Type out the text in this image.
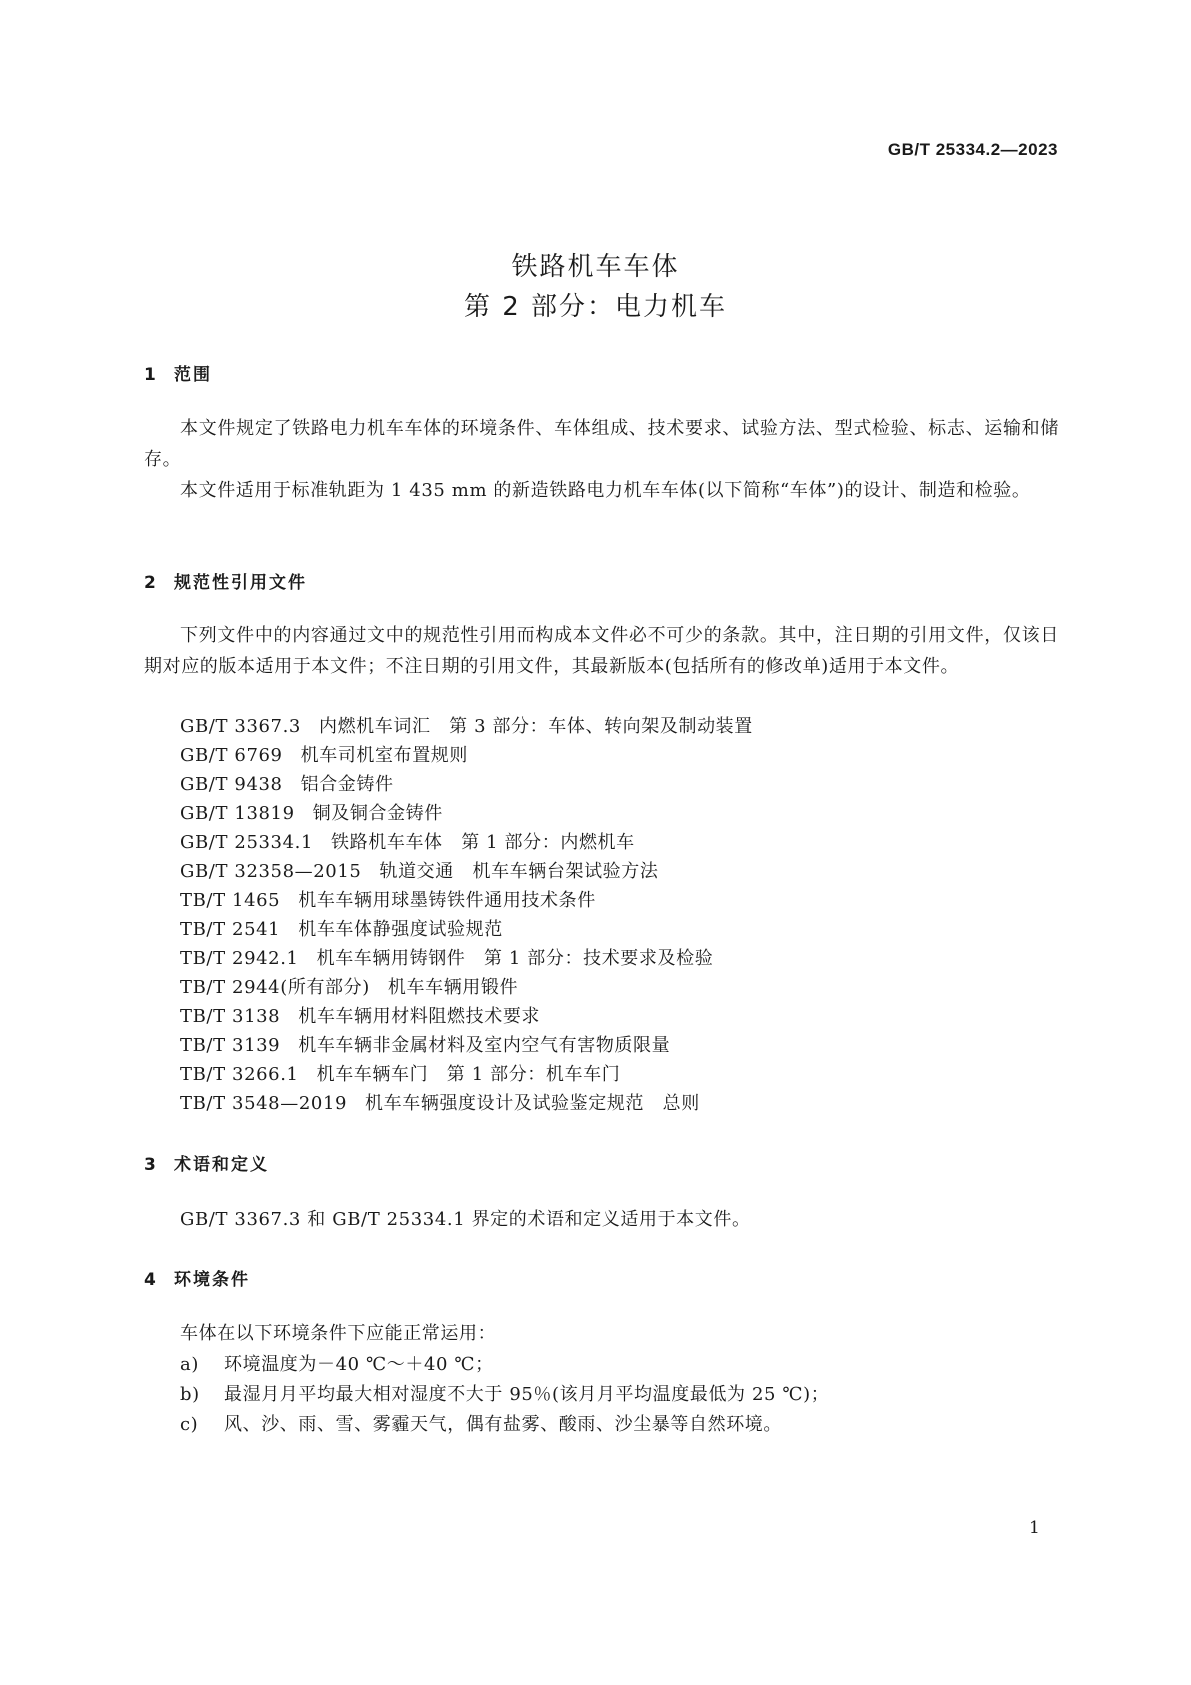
GB/T 25334.2—2023
铁路机车车体
第 2 部分：电力机车
1 范围
本文件规定了铁路电力机车车体的环境条件、车体组成、技术要求、试验方法、型式检验、标志、运输和储存。
本文件适用于标准轨距为 1 435 mm 的新造铁路电力机车车体(以下简称“车体”)的设计、制造和检验。
2 规范性引用文件
下列文件中的内容通过文中的规范性引用而构成本文件必不可少的条款。其中，注日期的引用文件，仅该日期对应的版本适用于本文件；不注日期的引用文件，其最新版本(包括所有的修改单)适用于本文件。
GB/T 3367.3 内燃机车词汇　第 3 部分：车体、转向架及制动装置
GB/T 6769 机车司机室布置规则
GB/T 9438 铝合金铸件
GB/T 13819 铜及铜合金铸件
GB/T 25334.1 铁路机车车体　第 1 部分：内燃机车
GB/T 32358—2015 轨道交通　机车车辆台架试验方法
TB/T 1465 机车车辆用球墨铸铁件通用技术条件
TB/T 2541 机车车体静强度试验规范
TB/T 2942.1 机车车辆用铸钢件　第 1 部分：技术要求及检验
TB/T 2944(所有部分) 机车车辆用锻件
TB/T 3138 机车车辆用材料阻燃技术要求
TB/T 3139 机车车辆非金属材料及室内空气有害物质限量
TB/T 3266.1 机车车辆车门　第 1 部分：机车车门
TB/T 3548—2019 机车车辆强度设计及试验鉴定规范　总则
3 术语和定义
GB/T 3367.3 和 GB/T 25334.1 界定的术语和定义适用于本文件。
4 环境条件
车体在以下环境条件下应能正常运用：
a) 环境温度为－40 ℃～＋40 ℃；
b) 最湿月月平均最大相对湿度不大于 95％(该月月平均温度最低为 25 ℃)；
c) 风、沙、雨、雪、雾霾天气，偶有盐雾、酸雨、沙尘暴等自然环境。
1
